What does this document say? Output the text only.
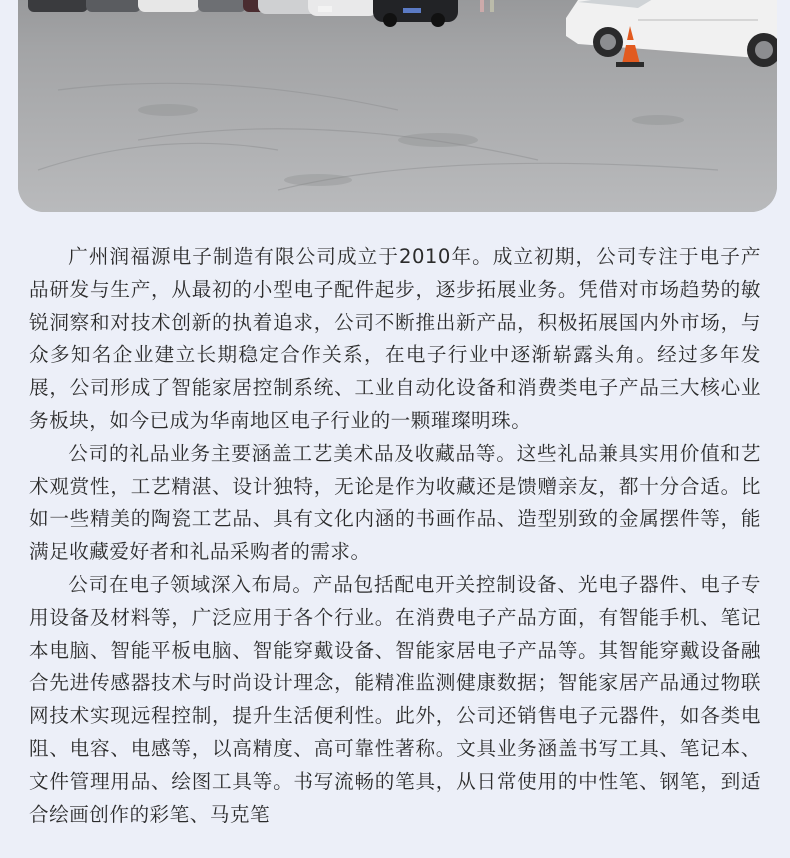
广州润福源电子制造有限公司成立于2010年。成立初期，公司专注于电子产品研发与生产，从最初的小型电子配件起步，逐步拓展业务。凭借对市场趋势的敏锐洞察和对技术创新的执着追求，公司不断推出新产品，积极拓展国内外市场，与众多知名企业建立长期稳定合作关系，在电子行业中逐渐崭露头角。经过多年发展，公司形成了智能家居控制系统、工业自动化设备和消费类电子产品三大核心业务板块，如今已成为华南地区电子行业的一颗璀璨明珠。

公司的礼品业务主要涵盖工艺美术品及收藏品等。这些礼品兼具实用价值和艺术观赏性，工艺精湛、设计独特，无论是作为收藏还是馈赠亲友，都十分合适。比如一些精美的陶瓷工艺品、具有文化内涵的书画作品、造型别致的金属摆件等，能满足收藏爱好者和礼品采购者的需求。

公司在电子领域深入布局。产品包括配电开关控制设备、光电子器件、电子专用设备及材料等，广泛应用于各个行业。在消费电子产品方面，有智能手机、笔记本电脑、智能平板电脑、智能穿戴设备、智能家居电子产品等。其智能穿戴设备融合先进传感器技术与时尚设计理念，能精准监测健康数据；智能家居产品通过物联网技术实现远程控制，提升生活便利性。此外，公司还销售电子元器件，如各类电阻、电容、电感等，以高精度、高可靠性著称。文具业务涵盖书写工具、笔记本、文件管理用品、绘图工具等。书写流畅的笔具，从日常使用的中性笔、钢笔，到适合绘画创作的彩笔、马克笔
